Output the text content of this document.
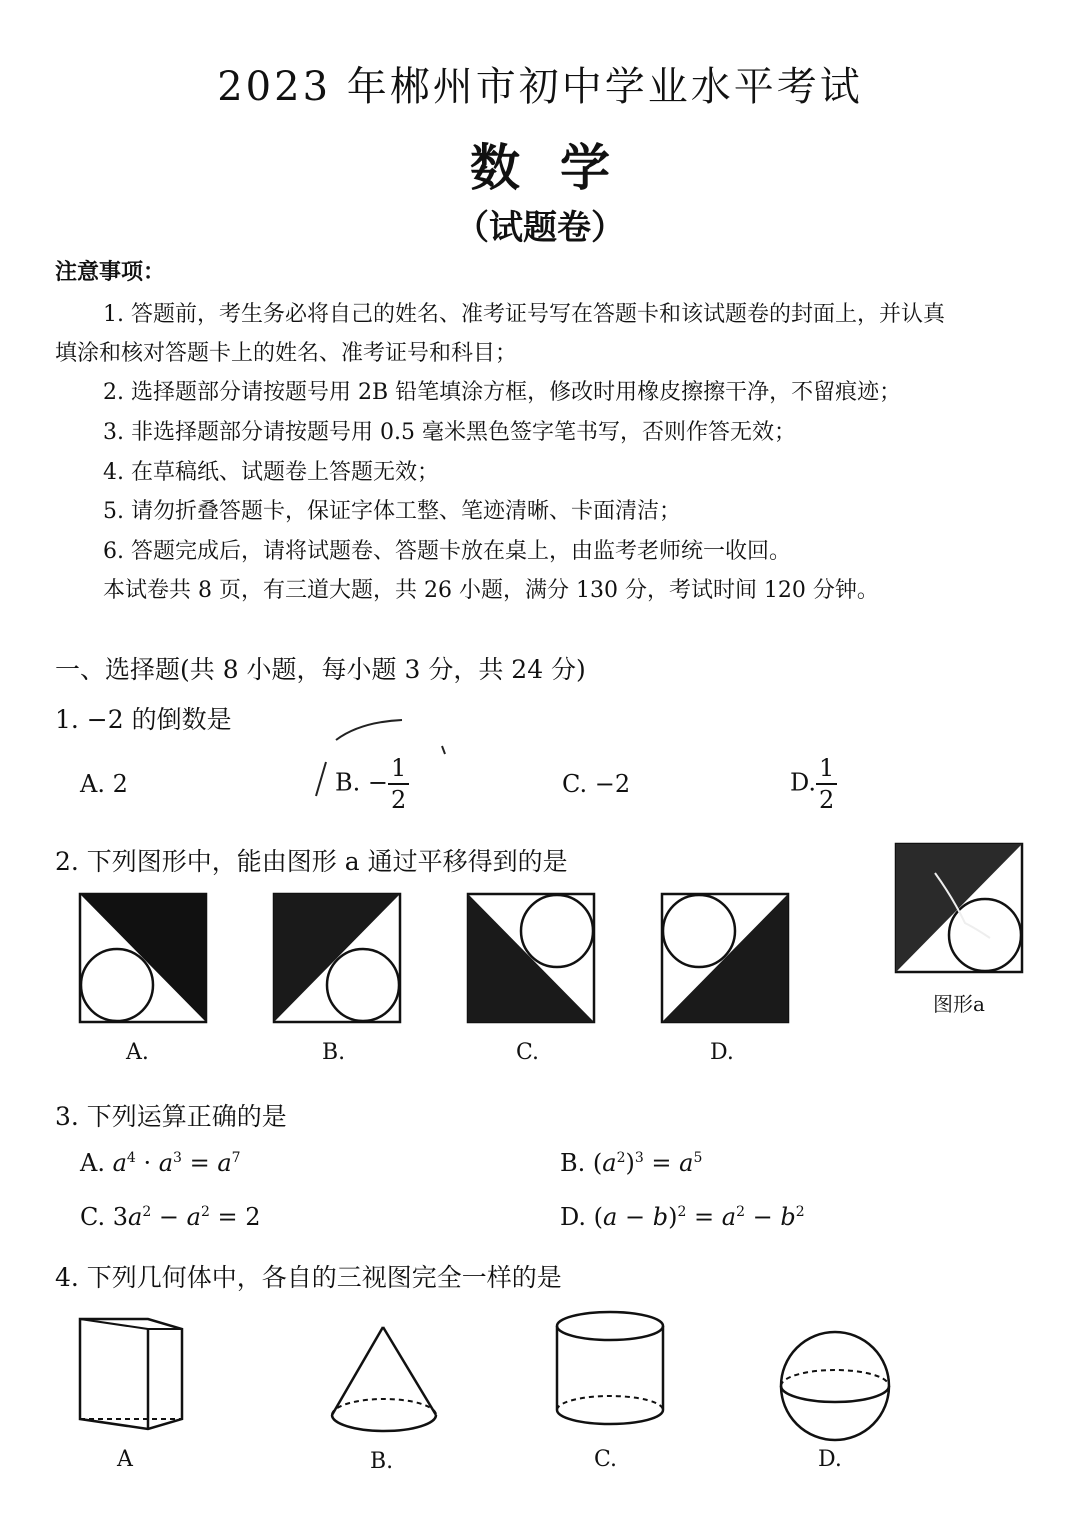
2023 年郴州市初中学业水平考试
数学
（试题卷）
注意事项：
1. 答题前，考生务必将自己的姓名、准考证号写在答题卡和该试题卷的封面上，并认真
填涂和核对答题卡上的姓名、准考证号和科目；
2. 选择题部分请按题号用 2B 铅笔填涂方框，修改时用橡皮擦擦干净，不留痕迹；
3. 非选择题部分请按题号用 0.5 毫米黑色签字笔书写，否则作答无效；
4. 在草稿纸、试题卷上答题无效；
5. 请勿折叠答题卡，保证字体工整、笔迹清晰、卡面清洁；
6. 答题完成后，请将试题卷、答题卡放在桌上，由监考老师统一收回。
本试卷共 8 页，有三道大题，共 26 小题，满分 130 分，考试时间 120 分钟。
一、选择题(共 8 小题，每小题 3 分，共 24 分)
1. −2 的倒数是
A. 2	B. − $\frac{1}{2}$	C. −2	D. $\frac{1}{2}$
2. 下列图形中，能由图形 a 通过平移得到的是
A.	B.	C.	D.
图形a
3. 下列运算正确的是
A. $a^4 \cdot a^3 = a^7$	B. $(a^2)^3 = a^5$
C. $3a^2 - a^2 = 2$	D. $(a - b)^2 = a^2 - b^2$
4. 下列几何体中，各自的三视图完全一样的是
A	B.	C.	D.
